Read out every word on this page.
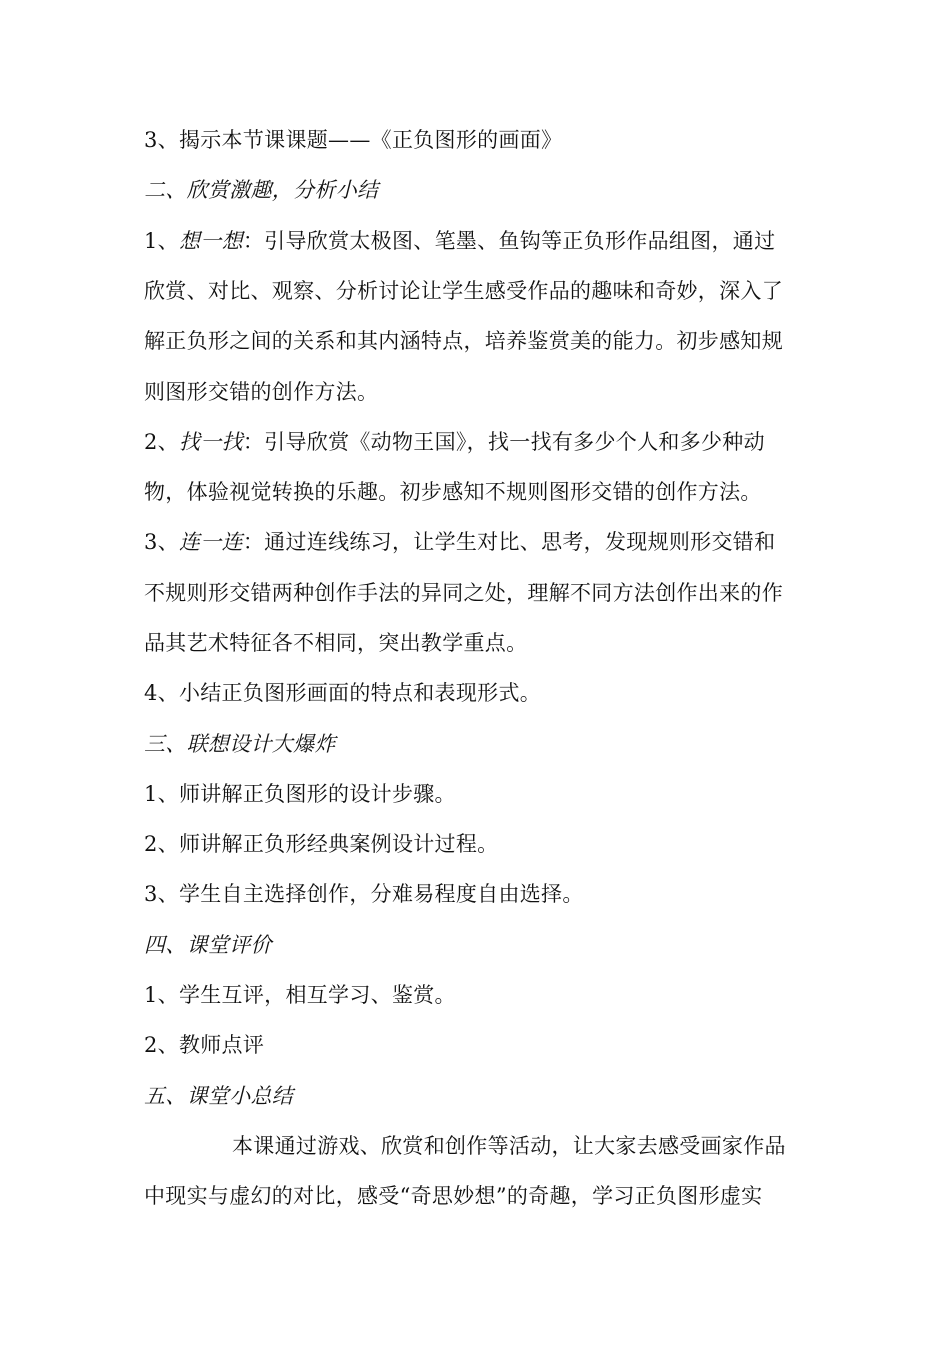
3、揭示本节课课题——《正负图形的画面》
二、欣赏激趣，分析小结
1、想一想：引导欣赏太极图、笔墨、鱼钩等正负形作品组图，通过
欣赏、对比、观察、分析讨论让学生感受作品的趣味和奇妙，深入了
解正负形之间的关系和其内涵特点，培养鉴赏美的能力。初步感知规
则图形交错的创作方法。
2、找一找：引导欣赏《动物王国》，找一找有多少个人和多少种动
物，体验视觉转换的乐趣。初步感知不规则图形交错的创作方法。
3、连一连：通过连线练习，让学生对比、思考，发现规则形交错和
不规则形交错两种创作手法的异同之处，理解不同方法创作出来的作
品其艺术特征各不相同，突出教学重点。
4、小结正负图形画面的特点和表现形式。
三、联想设计大爆炸
1、师讲解正负图形的设计步骤。
2、师讲解正负形经典案例设计过程。
3、学生自主选择创作，分难易程度自由选择。
四、课堂评价
1、学生互评，相互学习、鉴赏。
2、教师点评
五、课堂小总结
本课通过游戏、欣赏和创作等活动，让大家去感受画家作品
中现实与虚幻的对比，感受“奇思妙想”的奇趣，学习正负图形虚实
